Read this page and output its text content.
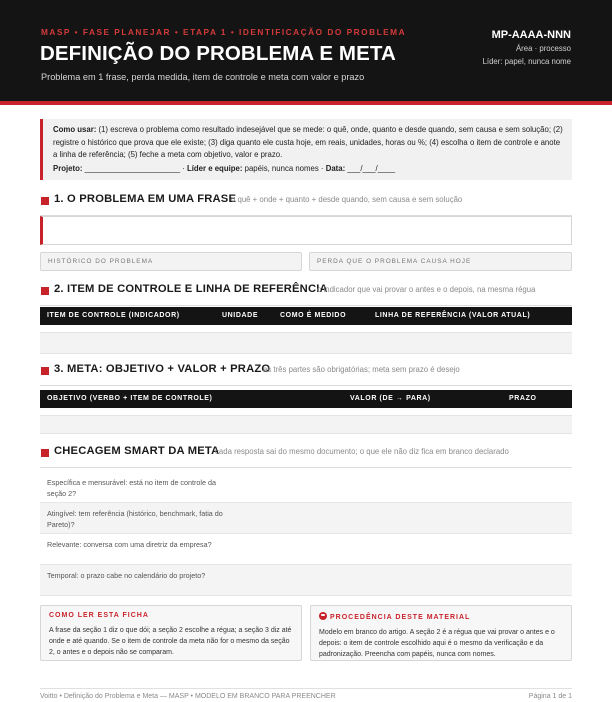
MASP • FASE PLANEJAR • ETAPA 1 • IDENTIFICAÇÃO DO PROBLEMA
DEFINIÇÃO DO PROBLEMA E META
Problema em 1 frase, perda medida, item de controle e meta com valor e prazo
MP-AAAA-NNN
Área · processo
Líder: papel, nunca nome
Como usar: (1) escreva o problema como resultado indesejável que se mede: o quê, onde, quanto e desde quando, sem causa e sem solução; (2) registre o histórico que prova que ele existe; (3) diga quanto ele custa hoje, em reais, unidades, horas ou %; (4) escolha o item de controle e anote a linha de referência; (5) feche a meta com objetivo, valor e prazo.
Projeto: ______________________ · Líder e equipe: papéis, nunca nomes · Data: ___/___/____
1. O PROBLEMA EM UMA FRASE
o quê + onde + quanto + desde quando, sem causa e sem solução
HISTÓRICO DO PROBLEMA	PERDA QUE O PROBLEMA CAUSA HOJE
2. ITEM DE CONTROLE E LINHA DE REFERÊNCIA
o indicador que vai provar o antes e o depois, na mesma régua
ITEM DE CONTROLE (INDICADOR)	UNIDADE	COMO É MEDIDO	LINHA DE REFERÊNCIA (VALOR ATUAL)
3. META: OBJETIVO + VALOR + PRAZO
as três partes são obrigatórias; meta sem prazo é desejo
OBJETIVO (VERBO + ITEM DE CONTROLE)	VALOR (DE → PARA)	PRAZO
CHECAGEM SMART DA META
cada resposta sai do mesmo documento; o que ele não diz fica em branco declarado
Específica e mensurável: está no item de controle da seção 2?
Atingível: tem referência (histórico, benchmark, fatia do Pareto)?
Relevante: conversa com uma diretriz da empresa?
Temporal: o prazo cabe no calendário do projeto?
COMO LER ESTA FICHA
A frase da seção 1 diz o que dói; a seção 2 escolhe a régua; a seção 3 diz até onde e até quando. Se o item de controle da meta não for o mesmo da seção 2, o antes e o depois não se comparam.
PROCEDÊNCIA DESTE MATERIAL
Modelo em branco do artigo. A seção 2 é a régua que vai provar o antes e o depois: o item de controle escolhido aqui é o mesmo da verificação e da padronização. Preencha com papéis, nunca com nomes.
Voitto • Definição do Problema e Meta — MASP • MODELO EM BRANCO PARA PREENCHER	Página 1 de 1
